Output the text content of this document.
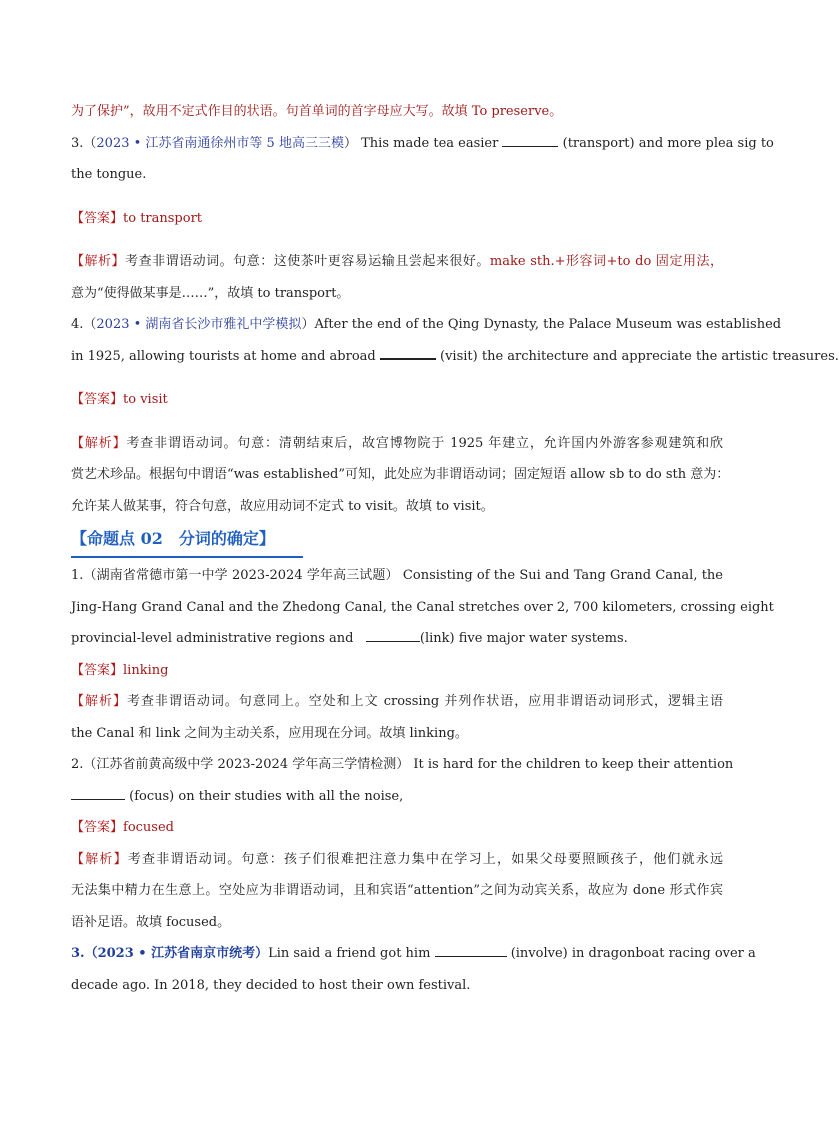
为了保护”，故用不定式作目的状语。句首单词的首字母应大写。故填 To preserve。
3.（2023 • 江苏省南通徐州市等 5 地高三三模） This made tea easier	(transport) and more plea sig to
the tongue.
【答案】to transport
【解析】考查非谓语动词。句意：这使茶叶更容易运输且尝起来很好。make sth.+形容词+to do 固定用法，
意为“使得做某事是……”，故填 to transport。
4.（2023 • 湖南省长沙市雅礼中学模拟）After the end of the Qing Dynasty, the Palace Museum was established
in 1925, allowing tourists at home and abroad	(visit) the architecture and appreciate the artistic treasures.
【答案】to visit
【解析】考查非谓语动词。句意：清朝结束后，故宫博物院于 1925 年建立，允许国内外游客参观建筑和欣
赏艺术珍品。根据句中谓语“was established”可知，此处应为非谓语动词；固定短语 allow sb to do sth 意为：
允许某人做某事，符合句意，故应用动词不定式 to visit。故填 to visit。
【命题点 02　分词的确定】
1.（湖南省常德市第一中学 2023-2024 学年高三试题） Consisting of the Sui and Tang Grand Canal, the
Jing-Hang Grand Canal and the Zhedong Canal, the Canal stretches over 2, 700 kilometers, crossing eight
provincial-level administrative regions and	(link) five major water systems.
【答案】linking
【解析】考查非谓语动词。句意同上。空处和上文 crossing 并列作状语，应用非谓语动词形式，逻辑主语
the Canal 和 link 之间为主动关系，应用现在分词。故填 linking。
2.（江苏省前黄高级中学 2023-2024 学年高三学情检测） It is hard for the children to keep their attention
(focus) on their studies with all the noise,
【答案】focused
【解析】考查非谓语动词。句意：孩子们很难把注意力集中在学习上，如果父母要照顾孩子，他们就永远
无法集中精力在生意上。空处应为非谓语动词，且和宾语“attention”之间为动宾关系，故应为 done 形式作宾
语补足语。故填 focused。
3.（2023 • 江苏省南京市统考）Lin said a friend got him	(involve) in dragonboat racing over a
decade ago. In 2018, they decided to host their own festival.
